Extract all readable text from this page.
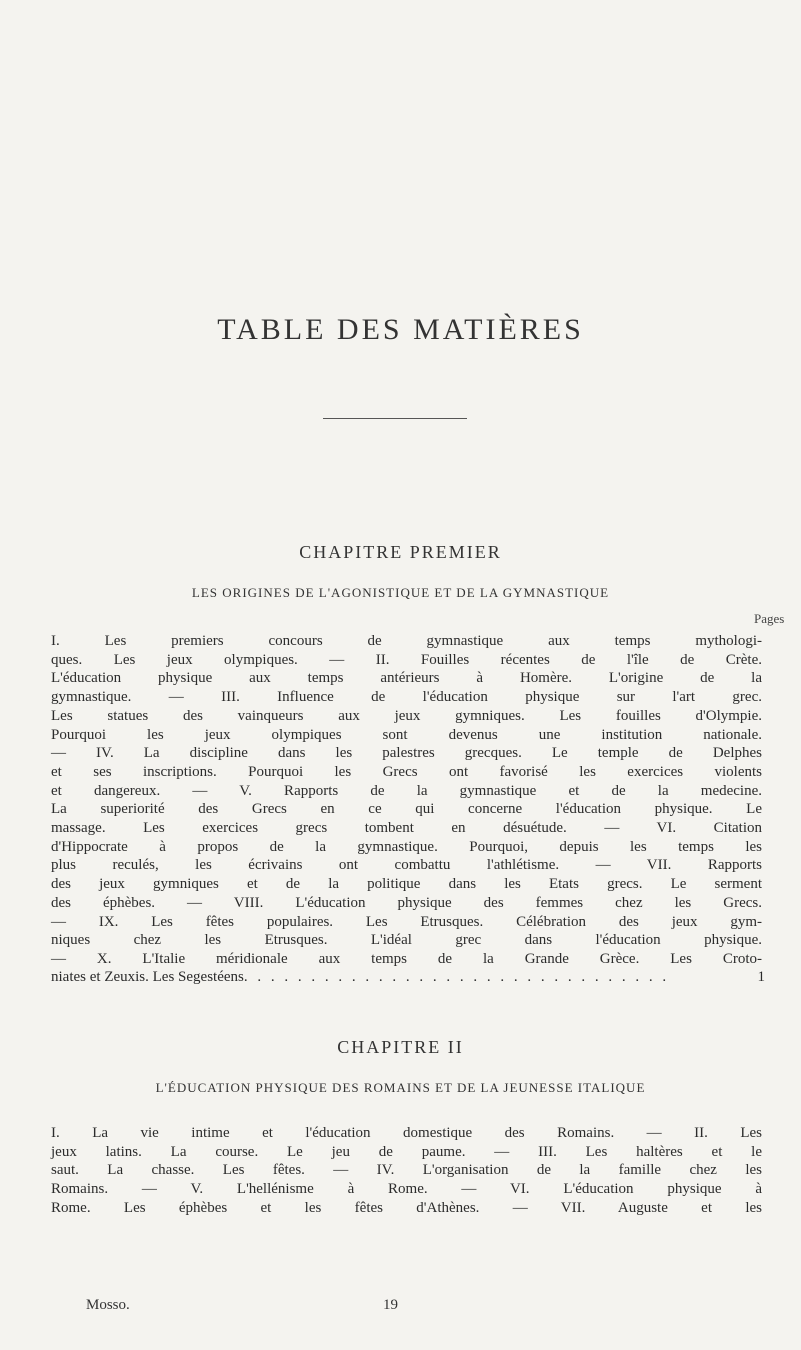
TABLE DES MATIÈRES
CHAPITRE PREMIER
LES ORIGINES DE L'AGONISTIQUE ET DE LA GYMNASTIQUE
Pages
I. Les premiers concours de gymnastique aux temps mythologi-
ques. Les jeux olympiques. — II. Fouilles récentes de l'île de Crète.
L'éducation physique aux temps antérieurs à Homère. L'origine de la
gymnastique. — III. Influence de l'éducation physique sur l'art grec.
Les statues des vainqueurs aux jeux gymniques. Les fouilles d'Olympie.
Pourquoi les jeux olympiques sont devenus une institution nationale.
— IV. La discipline dans les palestres grecques. Le temple de Delphes
et ses inscriptions. Pourquoi les Grecs ont favorisé les exercices violents
et dangereux. — V. Rapports de la gymnastique et de la medecine.
La superiorité des Grecs en ce qui concerne l'éducation physique. Le
massage. Les exercices grecs tombent en désuétude. — VI. Citation
d'Hippocrate à propos de la gymnastique. Pourquoi, depuis les temps les
plus reculés, les écrivains ont combattu l'athlétisme. — VII. Rapports
des jeux gymniques et de la politique dans les Etats grecs. Le serment
des éphèbes. — VIII. L'éducation physique des femmes chez les Grecs.
— IX. Les fêtes populaires. Les Etrusques. Célébration des jeux gym-
niques chez les Etrusques. L'idéal grec dans l'éducation physique.
— X. L'Italie méridionale aux temps de la Grande Grèce. Les Croto-
niates et Zeuxis. Les Segestéens . . . . . . . . . . . . . . . . . . . . . . . . . . . . . . . .	1
CHAPITRE II
L'ÉDUCATION PHYSIQUE DES ROMAINS ET DE LA JEUNESSE ITALIQUE
I. La vie intime et l'éducation domestique des Romains. — II. Les
jeux latins. La course. Le jeu de paume. — III. Les haltères et le
saut. La chasse. Les fêtes. — IV. L'organisation de la famille chez les
Romains. — V. L'hellénisme à Rome. — VI. L'éducation physique à
Rome. Les éphèbes et les fêtes d'Athènes. — VII. Auguste et les
Mosso.	19
